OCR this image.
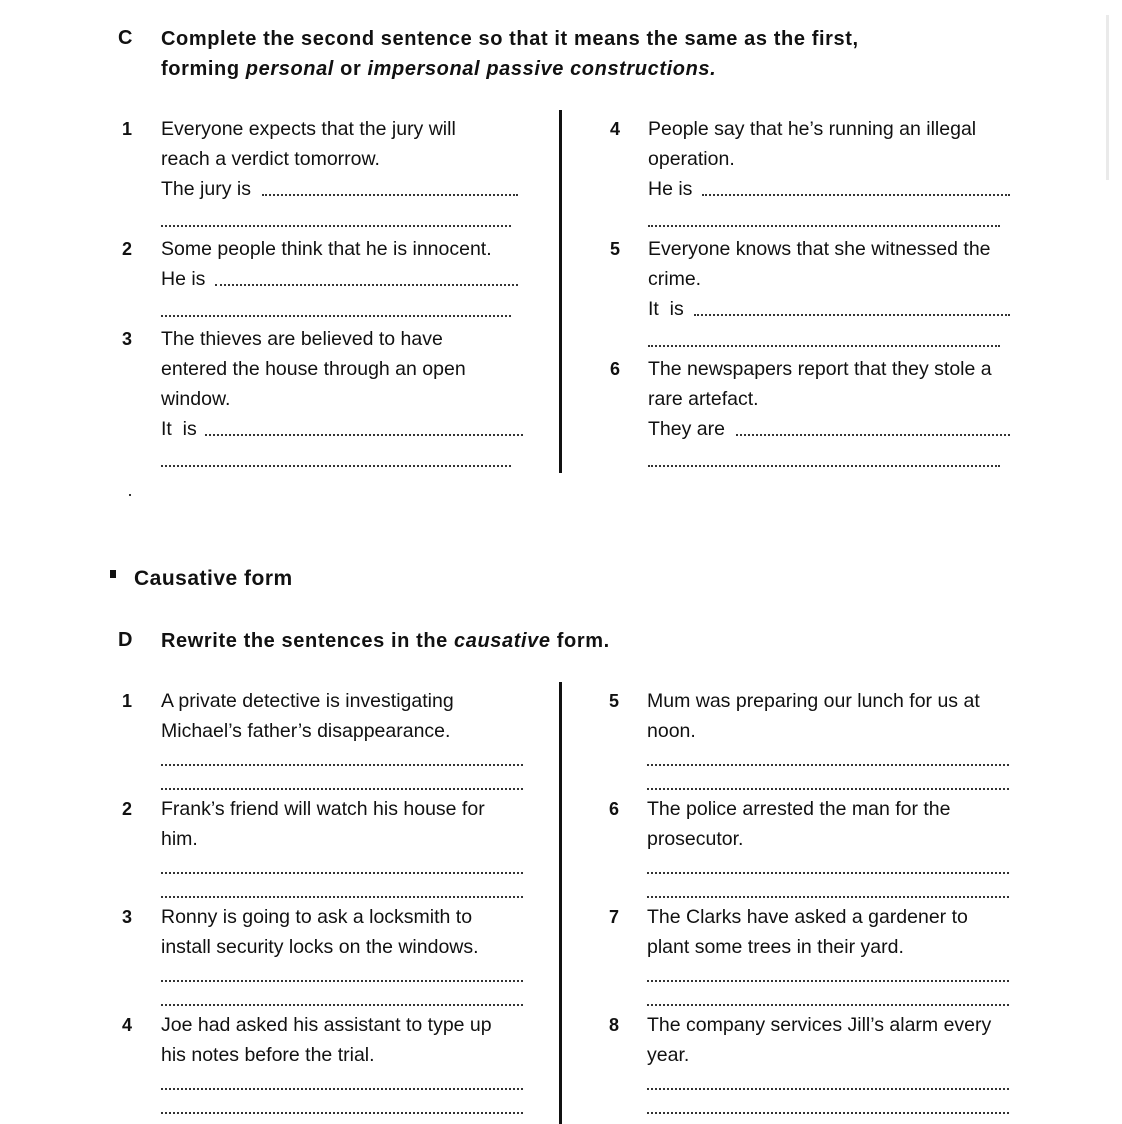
C Complete the second sentence so that it means the same as the first,
forming personal or impersonal passive constructions.
1 Everyone expects that the jury will
reach a verdict tomorrow.
The jury is
2 Some people think that he is innocent.
He is
3 The thieves are believed to have
entered the house through an open
window.
It  is
4 People say that he’s running an illegal
operation.
He is
5 Everyone knows that she witnessed the
crime.
It  is
6 The newspapers report that they stole a
rare artefact.
They are
Causative form
D Rewrite the sentences in the causative form.
1 A private detective is investigating
Michael’s father’s disappearance.
2 Frank’s friend will watch his house for
him.
3 Ronny is going to ask a locksmith to
install security locks on the windows.
4 Joe had asked his assistant to type up
his notes before the trial.
5 Mum was preparing our lunch for us at
noon.
6 The police arrested the man for the
prosecutor.
7 The Clarks have asked a gardener to
plant some trees in their yard.
8 The company services Jill’s alarm every
year.
